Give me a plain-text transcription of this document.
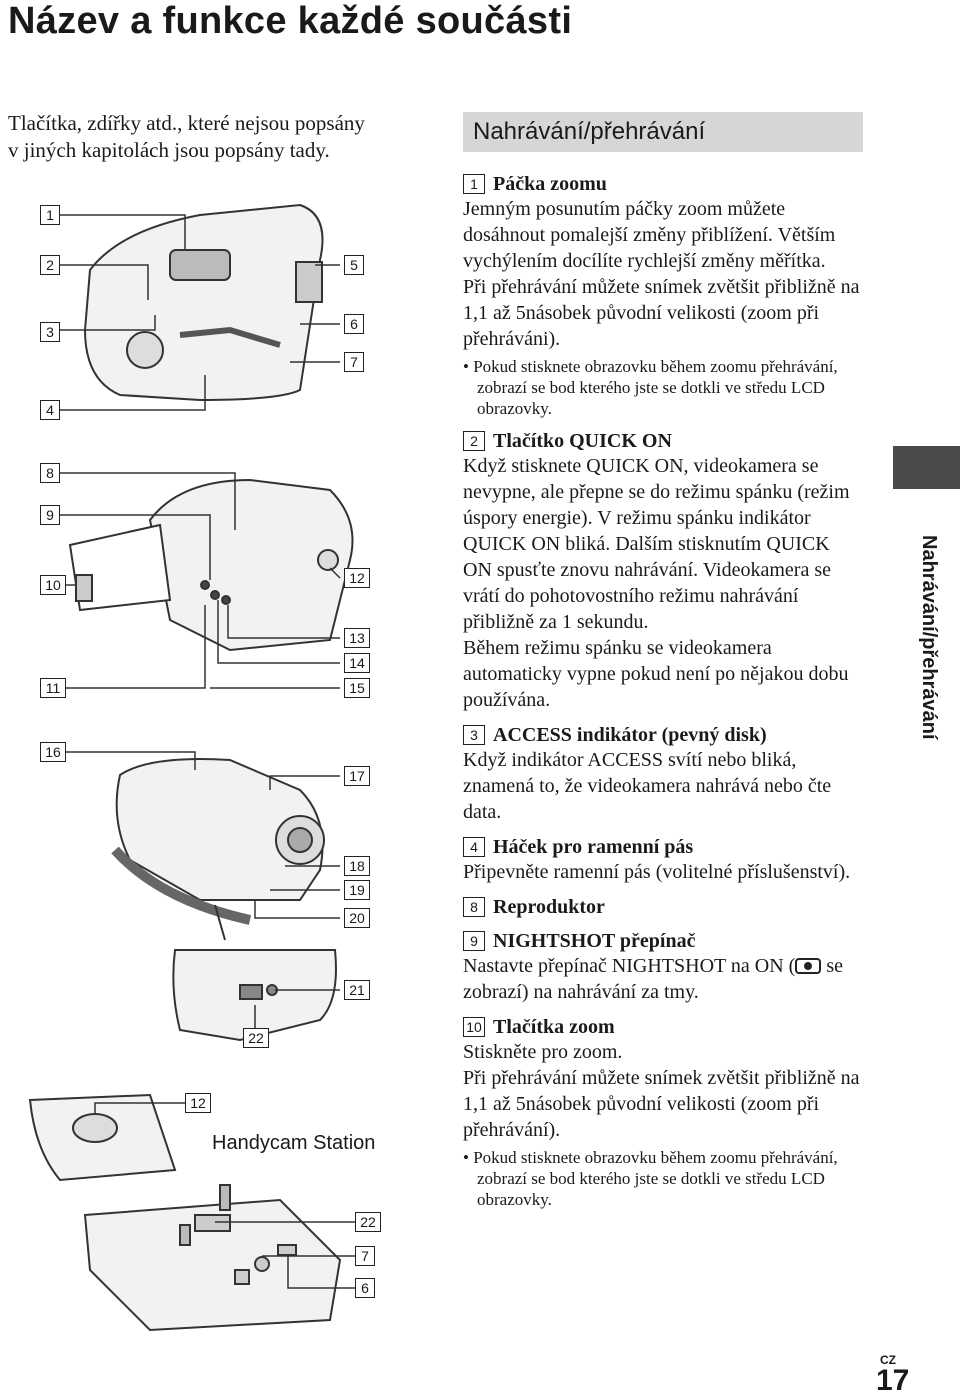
Název a funkce každé součásti
Tlačítka, zdířky atd., které nejsou popsány v jiných kapitolách jsou popsány tady.
Nahrávání/přehrávání
Nahrávání/přehrávání
1
2
3
4
5
6
7
8
9
10
11
12
13
14
15
16
17
18
19
20
21
22
12
22
7
6
Handycam Station
1 Páčka zoomu
Jemným posunutím páčky zoom můžete dosáhnout pomalejší změny přiblížení. Větším vychýlením docílíte rychlejší změny měřítka.
Při přehrávání můžete snímek zvětšit přibližně na 1,1 až 5násobek původní velikosti (zoom při přehráváni).
• Pokud stisknete obrazovku během zoomu přehrávání, zobrazí se bod kterého jste se dotkli ve středu LCD obrazovky.
2 Tlačítko QUICK ON
Když stisknete QUICK ON, videokamera se nevypne, ale přepne se do režimu spánku (režim úspory energie). V režimu spánku indikátor QUICK ON bliká. Dalším stisknutím QUICK ON spusťte znovu nahrávání. Videokamera se vrátí do pohotovostního režimu nahrávání přibližně za 1 sekundu.
Během režimu spánku se videokamera automaticky vypne pokud není po nějakou dobu používána.
3 ACCESS indikátor (pevný disk)
Když indikátor ACCESS svítí nebo bliká, znamená to, že videokamera nahrává nebo čte data.
4 Háček pro ramenní pás
Připevněte ramenní pás (volitelné příslušenství).
8 Reproduktor
9 NIGHTSHOT přepínač
Nastavte přepínač NIGHTSHOT na ON ( se zobrazí) na nahrávání za tmy.
10 Tlačítka zoom
Stiskněte pro zoom.
Při přehrávání můžete snímek zvětšit přibližně na 1,1 až 5násobek původní velikosti (zoom při přehrávání).
• Pokud stisknete obrazovku během zoomu přehrávání, zobrazí se bod kterého jste se dotkli ve středu LCD obrazovky.
CZ
17
